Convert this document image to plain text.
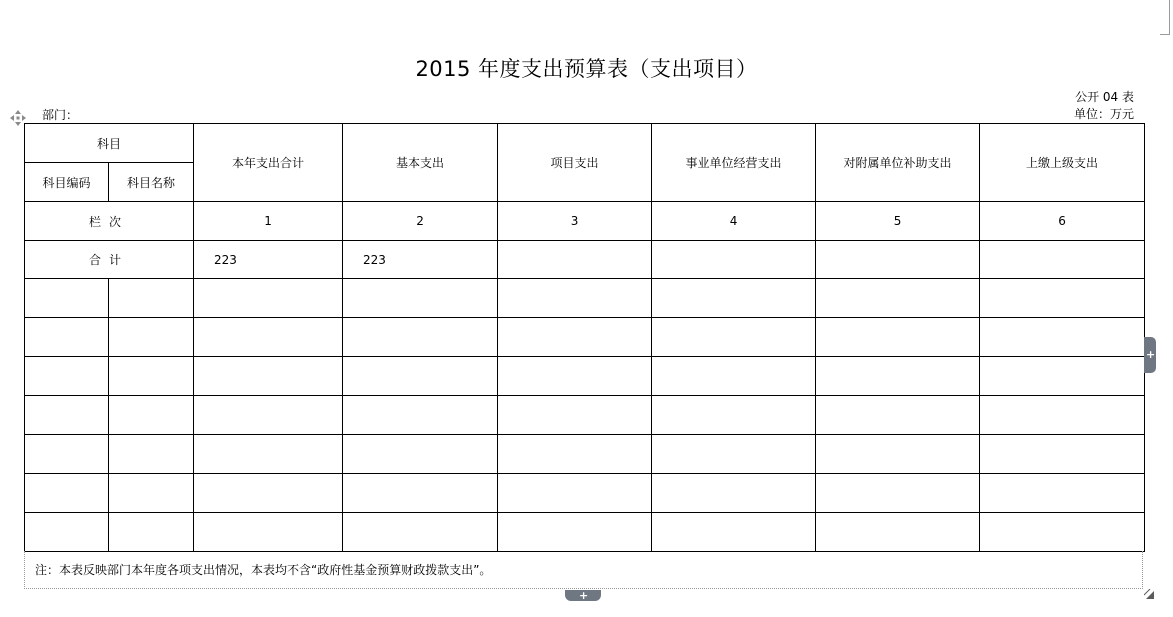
2015 年度支出预算表（支出项目）
公开 04 表
单位：万元
部门：
科目		本年支出合计	基本支出	项目支出	事业单位经营支出	对附属单位补助支出	上缴上级支出
科目编码	科目名称						
栏次		1	2	3	4	5	6
合计		223	223				

注：本表反映部门本年度各项支出情况，本表均不含“政府性基金预算财政拨款支出”。
+
+
